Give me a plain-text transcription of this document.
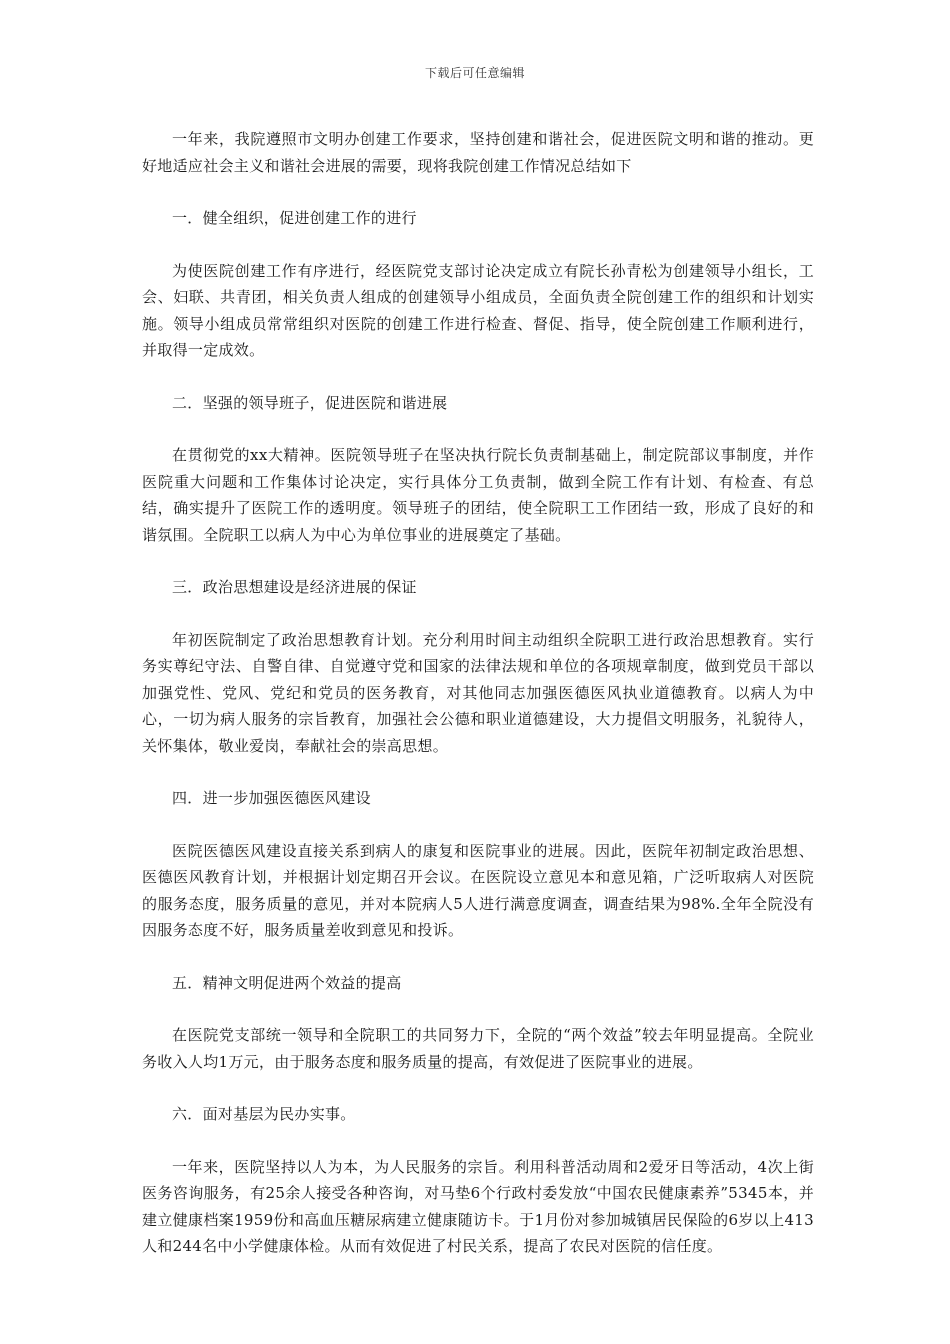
下载后可任意编辑

一年来，我院遵照市文明办创建工作要求，坚持创建和谐社会，促进医院文明和谐的推动。更好地适应社会主义和谐社会进展的需要，现将我院创建工作情况总结如下

一．健全组织，促进创建工作的进行

为使医院创建工作有序进行，经医院党支部讨论决定成立有院长孙青松为创建领导小组长，工会、妇联、共青团，相关负责人组成的创建领导小组成员，全面负责全院创建工作的组织和计划实施。领导小组成员常常组织对医院的创建工作进行检查、督促、指导，使全院创建工作顺利进行，并取得一定成效。

二．坚强的领导班子，促进医院和谐进展

在贯彻党的xx大精神。医院领导班子在坚决执行院长负责制基础上，制定院部议事制度，并作医院重大问题和工作集体讨论决定，实行具体分工负责制，做到全院工作有计划、有检查、有总结，确实提升了医院工作的透明度。领导班子的团结，使全院职工工作团结一致，形成了良好的和谐氛围。全院职工以病人为中心为单位事业的进展奠定了基础。

三．政治思想建设是经济进展的保证

年初医院制定了政治思想教育计划。充分利用时间主动组织全院职工进行政治思想教育。实行务实尊纪守法、自警自律、自觉遵守党和国家的法律法规和单位的各项规章制度，做到党员干部以加强党性、党风、党纪和党员的医务教育，对其他同志加强医德医风执业道德教育。以病人为中心，一切为病人服务的宗旨教育，加强社会公德和职业道德建设，大力提倡文明服务，礼貌待人，关怀集体，敬业爱岗，奉献社会的崇高思想。

四．进一步加强医德医风建设

医院医德医风建设直接关系到病人的康复和医院事业的进展。因此，医院年初制定政治思想、医德医风教育计划，并根据计划定期召开会议。在医院设立意见本和意见箱，广泛听取病人对医院的服务态度，服务质量的意见，并对本院病人5人进行满意度调查，调查结果为98%.全年全院没有因服务态度不好，服务质量差收到意见和投诉。

五．精神文明促进两个效益的提高

在医院党支部统一领导和全院职工的共同努力下，全院的“两个效益”较去年明显提高。全院业务收入人均1万元，由于服务态度和服务质量的提高，有效促进了医院事业的进展。

六．面对基层为民办实事。

一年来，医院坚持以人为本，为人民服务的宗旨。利用科普活动周和2爱牙日等活动，4次上街医务咨询服务，有25余人接受各种咨询，对马垫6个行政村委发放“中国农民健康素养”5345本，并建立健康档案1959份和高血压糖尿病建立健康随访卡。于1月份对参加城镇居民保险的6岁以上413人和244名中小学健康体检。从而有效促进了村民关系，提高了农民对医院的信任度。
